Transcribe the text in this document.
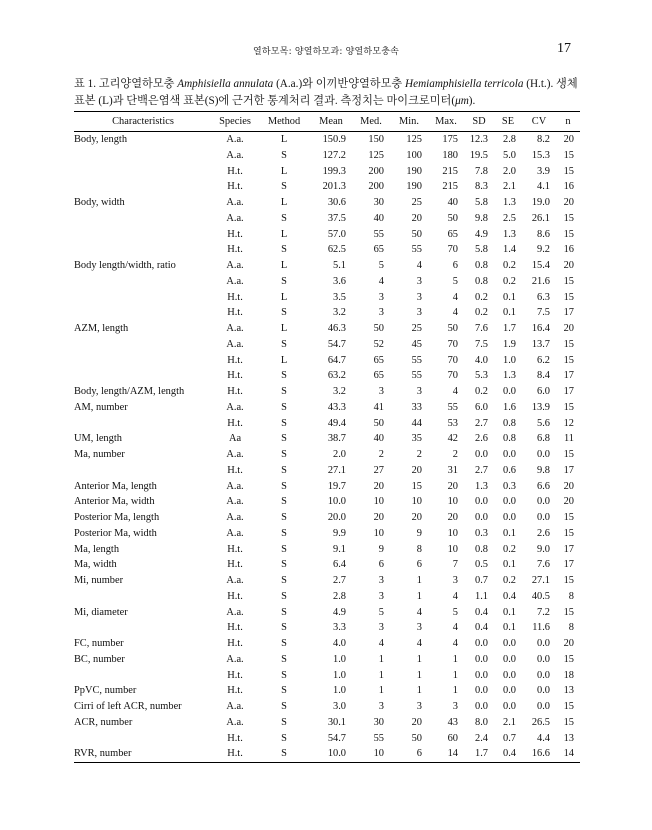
열하모목: 양열하모과: 양열하모충속	17
표 1. 고리양열하모충 Amphisiella annulata (A.a.)와 이끼반양열하모충 Hemiamphisiella terricola (H.t.). 생체 표본 (L)과 단백은염색 표본(S)에 근거한 통계처리 결과. 측정치는 마이크로미터(μm).
Characteristics	Species	Method	Mean	Med.	Min.	Max.	SD	SE	CV	n
Body, length	A.a.	L	150.9	150	125	175	12.3	2.8	8.2	20
	A.a.	S	127.2	125	100	180	19.5	5.0	15.3	15
	H.t.	L	199.3	200	190	215	7.8	2.0	3.9	15
	H.t.	S	201.3	200	190	215	8.3	2.1	4.1	16
Body, width	A.a.	L	30.6	30	25	40	5.8	1.3	19.0	20
	A.a.	S	37.5	40	20	50	9.8	2.5	26.1	15
	H.t.	L	57.0	55	50	65	4.9	1.3	8.6	15
	H.t.	S	62.5	65	55	70	5.8	1.4	9.2	16
Body length/width, ratio	A.a.	L	5.1	5	4	6	0.8	0.2	15.4	20
	A.a.	S	3.6	4	3	5	0.8	0.2	21.6	15
	H.t.	L	3.5	3	3	4	0.2	0.1	6.3	15
	H.t.	S	3.2	3	3	4	0.2	0.1	7.5	17
AZM, length	A.a.	L	46.3	50	25	50	7.6	1.7	16.4	20
	A.a.	S	54.7	52	45	70	7.5	1.9	13.7	15
	H.t.	L	64.7	65	55	70	4.0	1.0	6.2	15
	H.t.	S	63.2	65	55	70	5.3	1.3	8.4	17
Body, length/AZM, length	H.t.	S	3.2	3	3	4	0.2	0.0	6.0	17
AM, number	A.a.	S	43.3	41	33	55	6.0	1.6	13.9	15
	H.t.	S	49.4	50	44	53	2.7	0.8	5.6	12
UM, length	Aa	S	38.7	40	35	42	2.6	0.8	6.8	11
Ma, number	A.a.	S	2.0	2	2	2	0.0	0.0	0.0	15
	H.t.	S	27.1	27	20	31	2.7	0.6	9.8	17
Anterior Ma, length	A.a.	S	19.7	20	15	20	1.3	0.3	6.6	20
Anterior Ma, width	A.a.	S	10.0	10	10	10	0.0	0.0	0.0	20
Posterior Ma, length	A.a.	S	20.0	20	20	20	0.0	0.0	0.0	15
Posterior Ma, width	A.a.	S	9.9	10	9	10	0.3	0.1	2.6	15
Ma, length	H.t.	S	9.1	9	8	10	0.8	0.2	9.0	17
Ma, width	H.t.	S	6.4	6	6	7	0.5	0.1	7.6	17
Mi, number	A.a.	S	2.7	3	1	3	0.7	0.2	27.1	15
	H.t.	S	2.8	3	1	4	1.1	0.4	40.5	8
Mi, diameter	A.a.	S	4.9	5	4	5	0.4	0.1	7.2	15
	H.t.	S	3.3	3	3	4	0.4	0.1	11.6	8
FC, number	H.t.	S	4.0	4	4	4	0.0	0.0	0.0	20
BC, number	A.a.	S	1.0	1	1	1	0.0	0.0	0.0	15
	H.t.	S	1.0	1	1	1	0.0	0.0	0.0	18
PpVC, number	H.t.	S	1.0	1	1	1	0.0	0.0	0.0	13
Cirri of left ACR, number	A.a.	S	3.0	3	3	3	0.0	0.0	0.0	15
ACR, number	A.a.	S	30.1	30	20	43	8.0	2.1	26.5	15
	H.t.	S	54.7	55	50	60	2.4	0.7	4.4	13
RVR, number	H.t.	S	10.0	10	6	14	1.7	0.4	16.6	14
